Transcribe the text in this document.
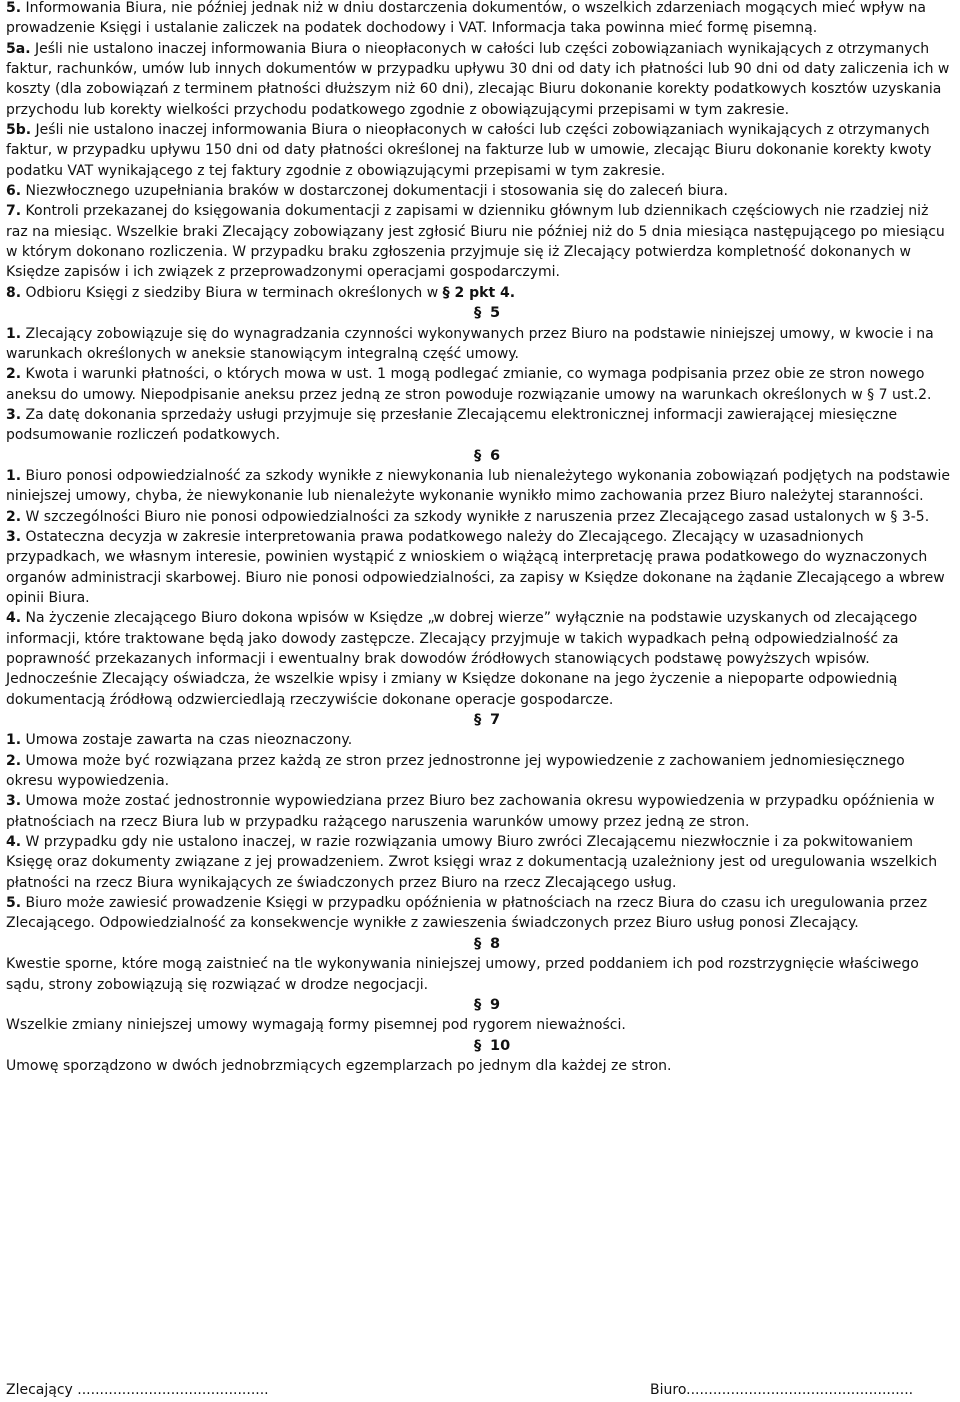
5. Informowania Biura, nie później jednak niż w dniu dostarczenia dokumentów, o wszelkich zdarzeniach mogących mieć wpływ na prowadzenie Księgi i ustalanie zaliczek na podatek dochodowy i VAT. Informacja taka powinna mieć formę pisemną.

5a. Jeśli nie ustalono inaczej informowania Biura o nieopłaconych w całości lub części zobowiązaniach wynikających z otrzymanych faktur, rachunków, umów lub innych dokumentów w przypadku upływu 30 dni od daty ich płatności lub 90 dni od daty zaliczenia ich w koszty (dla zobowiązań z terminem płatności dłuższym niż 60 dni), zlecając Biuru dokonanie korekty podatkowych kosztów uzyskania przychodu lub korekty wielkości przychodu podatkowego zgodnie z obowiązującymi przepisami w tym zakresie.

5b. Jeśli nie ustalono inaczej informowania Biura o nieopłaconych w całości lub części zobowiązaniach wynikających z otrzymanych faktur, w przypadku upływu 150 dni od daty płatności określonej na fakturze lub w umowie, zlecając Biuru dokonanie korekty kwoty podatku VAT wynikającego z tej faktury zgodnie z obowiązującymi przepisami w tym zakresie.

6. Niezwłocznego uzupełniania braków w dostarczonej dokumentacji i stosowania się do zaleceń biura.

7. Kontroli przekazanej do księgowania dokumentacji z zapisami w dzienniku głównym lub dziennikach częściowych nie rzadziej niż raz na miesiąc. Wszelkie braki Zlecający zobowiązany jest zgłosić Biuru nie później niż do 5 dnia miesiąca następującego po miesiącu w którym dokonano rozliczenia. W przypadku braku zgłoszenia przyjmuje się iż Zlecający potwierdza kompletność dokonanych w Księdze zapisów i ich związek z przeprowadzonymi operacjami gospodarczymi.

8. Odbioru Księgi z siedziby Biura w terminach określonych w § 2 pkt 4.

§ 5

1. Zlecający zobowiązuje się do wynagradzania czynności wykonywanych przez Biuro na podstawie niniejszej umowy, w kwocie i na warunkach określonych w aneksie stanowiącym integralną część umowy.

2. Kwota i warunki płatności, o których mowa w ust. 1 mogą podlegać zmianie, co wymaga podpisania przez obie ze stron nowego aneksu do umowy. Niepodpisanie aneksu przez jedną ze stron powoduje rozwiązanie umowy na warunkach określonych w § 7 ust.2.

3. Za datę dokonania sprzedaży usługi przyjmuje się przesłanie Zlecającemu elektronicznej informacji zawierającej miesięczne podsumowanie rozliczeń podatkowych.

§ 6

1. Biuro ponosi odpowiedzialność za szkody wynikłe z niewykonania lub nienależytego wykonania zobowiązań podjętych na podstawie niniejszej umowy, chyba, że niewykonanie lub nienależyte wykonanie wynikło mimo zachowania przez Biuro należytej staranności.

2. W szczególności Biuro nie ponosi odpowiedzialności za szkody wynikłe z naruszenia przez Zlecającego zasad ustalonych w § 3-5.

3. Ostateczna decyzja w zakresie interpretowania prawa podatkowego należy do Zlecającego. Zlecający w uzasadnionych przypadkach, we własnym interesie, powinien wystąpić z wnioskiem o wiążącą interpretację prawa podatkowego do wyznaczonych organów administracji skarbowej. Biuro nie ponosi odpowiedzialności, za zapisy w Księdze dokonane na żądanie Zlecającego a wbrew opinii Biura.

4. Na życzenie zlecającego Biuro dokona wpisów w Księdze „w dobrej wierze” wyłącznie na podstawie uzyskanych od zlecającego informacji, które traktowane będą jako dowody zastępcze. Zlecający przyjmuje w takich wypadkach pełną odpowiedzialność za poprawność przekazanych informacji i ewentualny brak dowodów źródłowych stanowiących podstawę powyższych wpisów. Jednocześnie Zlecający oświadcza, że wszelkie wpisy i zmiany w Księdze dokonane na jego życzenie a niepoparte odpowiednią dokumentacją źródłową odzwierciedlają rzeczywiście dokonane operacje gospodarcze.

§ 7

1. Umowa zostaje zawarta na czas nieoznaczony.

2. Umowa może być rozwiązana przez każdą ze stron przez jednostronne jej wypowiedzenie z zachowaniem jednomiesięcznego okresu wypowiedzenia.

3. Umowa może zostać jednostronnie wypowiedziana przez Biuro bez zachowania okresu wypowiedzenia w przypadku opóźnienia w płatnościach na rzecz Biura lub w przypadku rażącego naruszenia warunków umowy przez jedną ze stron.

4. W przypadku gdy nie ustalono inaczej, w razie rozwiązania umowy Biuro zwróci Zlecającemu niezwłocznie i za pokwitowaniem Księgę oraz dokumenty związane z jej prowadzeniem. Zwrot księgi wraz z dokumentacją uzależniony jest od uregulowania wszelkich płatności na rzecz Biura wynikających ze świadczonych przez Biuro na rzecz Zlecającego usług.

5. Biuro może zawiesić prowadzenie Księgi w przypadku opóźnienia w płatnościach na rzecz Biura do czasu ich uregulowania przez Zlecającego. Odpowiedzialność za konsekwencje wynikłe z zawieszenia świadczonych przez Biuro usług ponosi Zlecający.

§ 8

Kwestie sporne, które mogą zaistnieć na tle wykonywania niniejszej umowy, przed poddaniem ich pod rozstrzygnięcie właściwego sądu, strony zobowiązują się rozwiązać w drodze negocjacji.

§ 9

Wszelkie zmiany niniejszej umowy wymagają formy pisemnej pod rygorem nieważności.

§ 10

Umowę sporządzono w dwóch jednobrzmiących egzemplarzach po jednym dla każdej ze stron.

Zlecający ...........................................	Biuro...................................................
